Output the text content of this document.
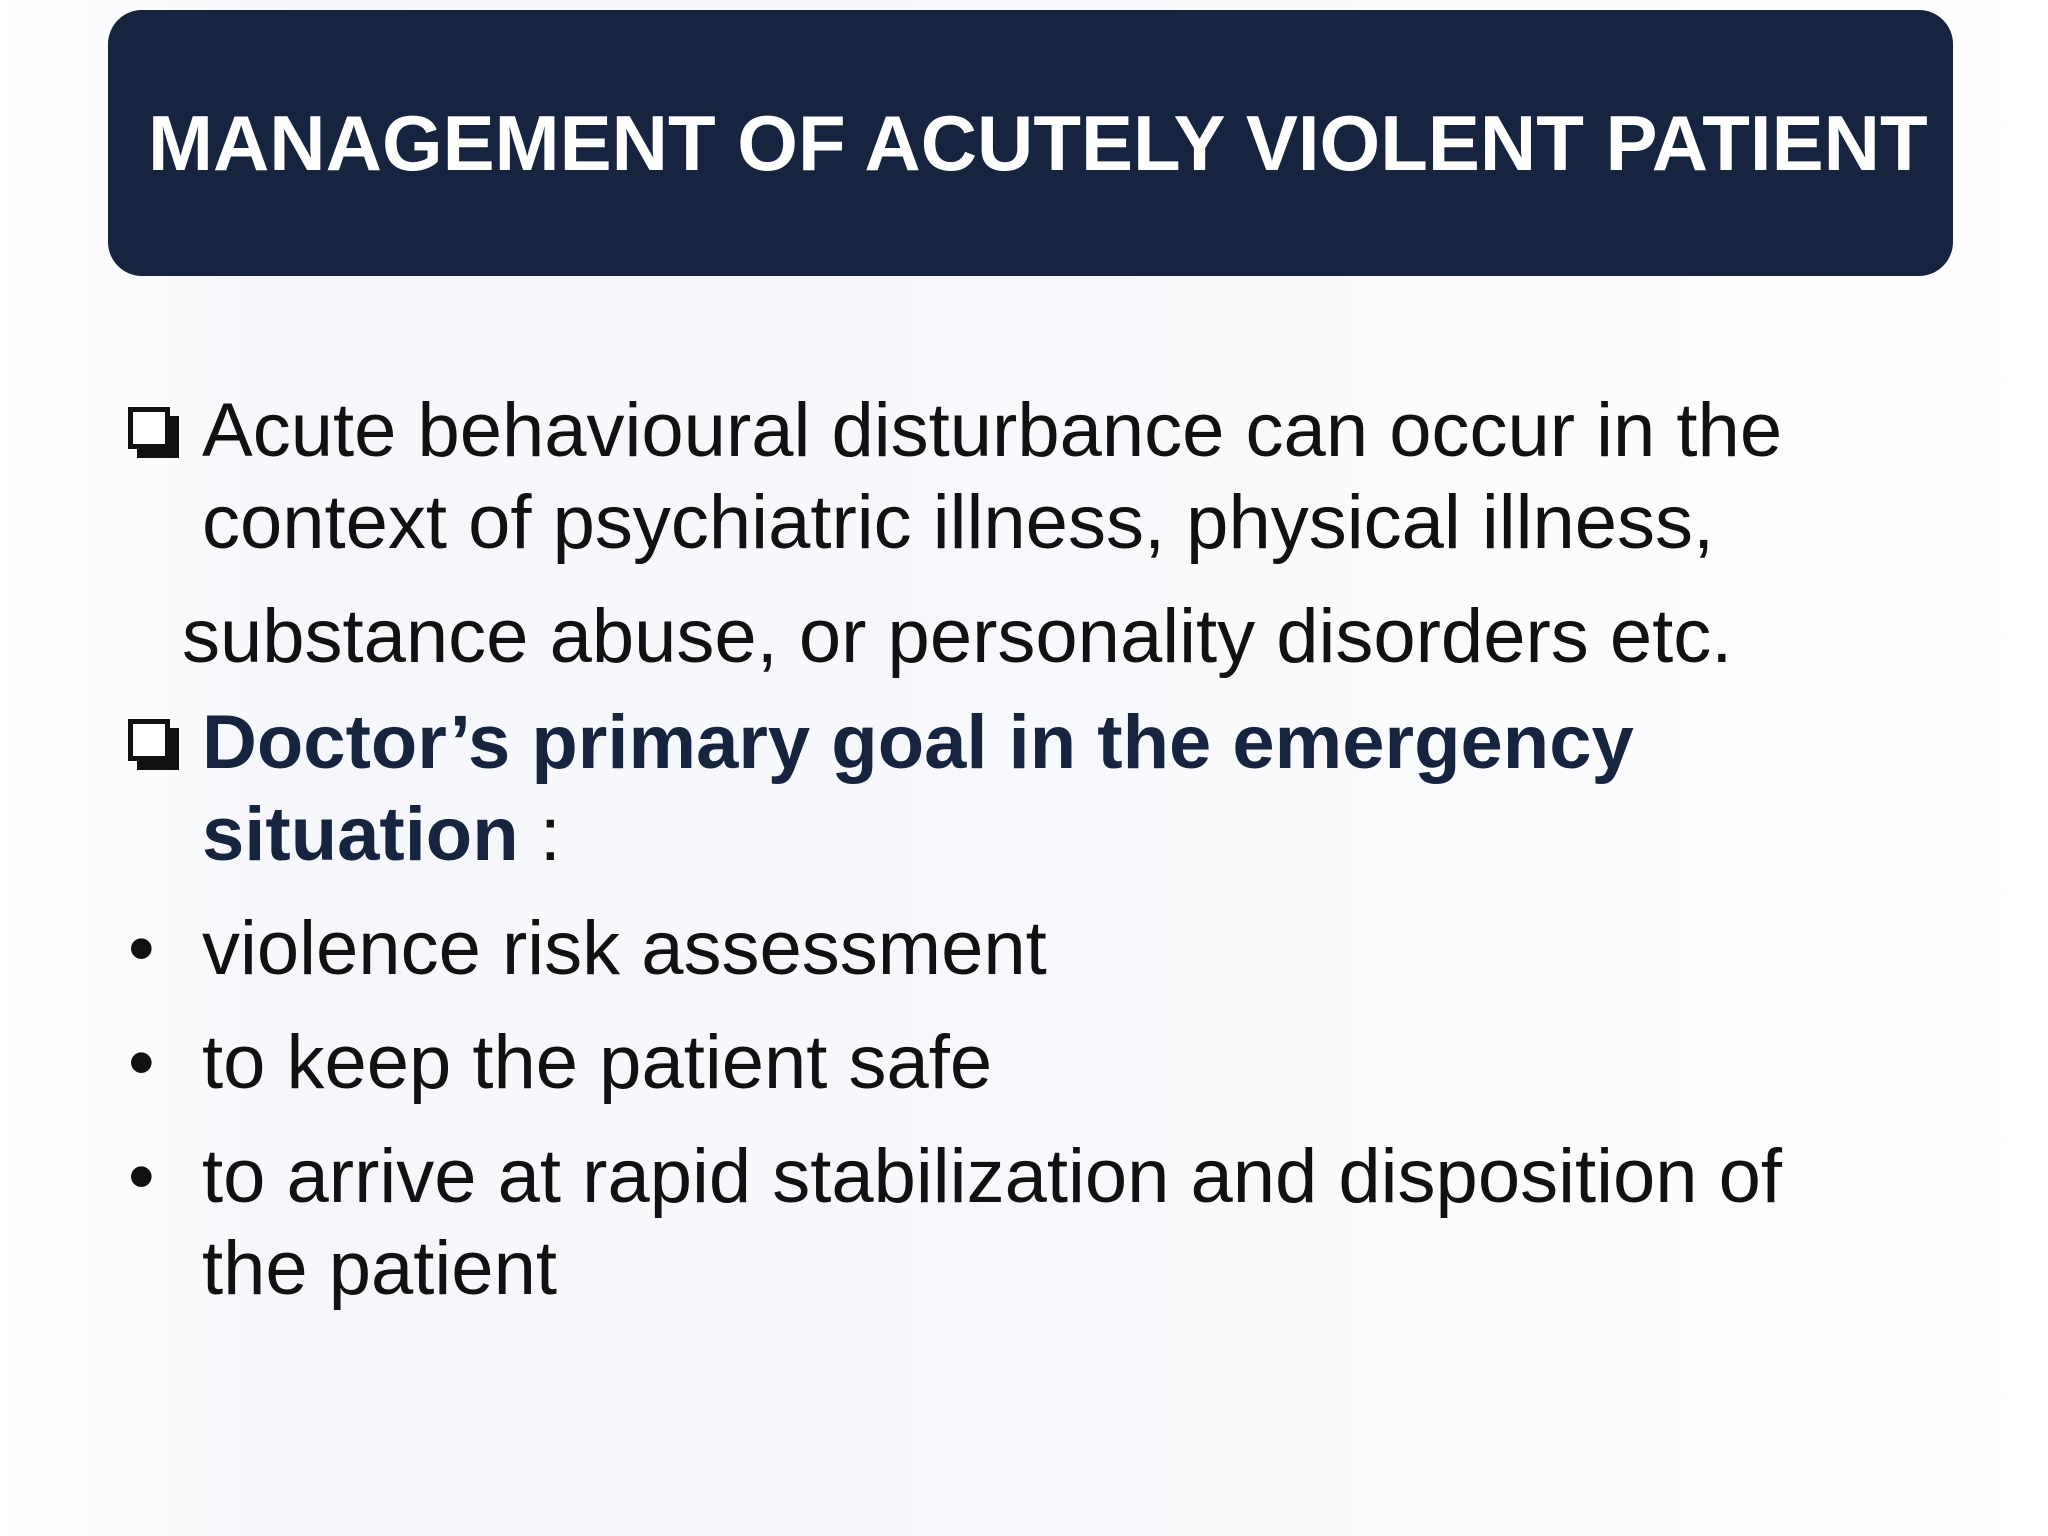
MANAGEMENT OF ACUTELY VIOLENT PATIENT
Acute behavioural disturbance can occur in the
context of psychiatric illness, physical illness,
substance abuse, or personality disorders etc.
Doctor’s primary goal in the emergency
situation :
• violence risk assessment
• to keep the patient safe
• to arrive at rapid stabilization and disposition of
the patient
